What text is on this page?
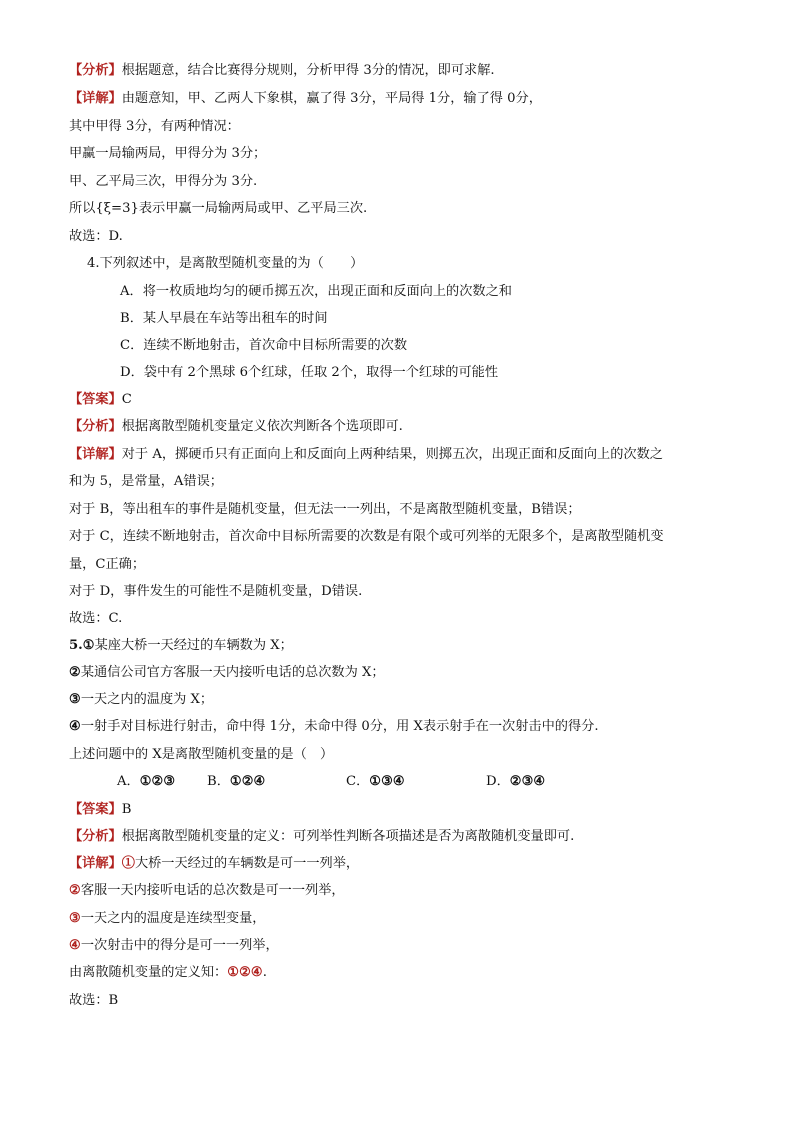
【分析】根据题意，结合比赛得分规则，分析甲得 3分的情况，即可求解.
【详解】由题意知，甲、乙两人下象棋，赢了得 3分，平局得 1分，输了得 0分，
其中甲得 3分，有两种情况：
甲赢一局输两局，甲得分为 3分；
甲、乙平局三次，甲得分为 3分.
所以{ξ=3}表示甲赢一局输两局或甲、乙平局三次.
故选：D.
4.下列叙述中，是离散型随机变量的为（　　）
A．将一枚质地均匀的硬币掷五次，出现正面和反面向上的次数之和
B．某人早晨在车站等出租车的时间
C．连续不断地射击，首次命中目标所需要的次数
D．袋中有 2个黑球 6个红球，任取 2个，取得一个红球的可能性
【答案】C
【分析】根据离散型随机变量定义依次判断各个选项即可.
【详解】对于 A，掷硬币只有正面向上和反面向上两种结果，则掷五次，出现正面和反面向上的次数之
和为 5，是常量，A错误；
对于 B，等出租车的事件是随机变量，但无法一一列出，不是离散型随机变量，B错误；
对于 C，连续不断地射击，首次命中目标所需要的次数是有限个或可列举的无限多个，是离散型随机变
量，C正确；
对于 D，事件发生的可能性不是随机变量，D错误.
故选：C.
5.①某座大桥一天经过的车辆数为 X；
②某通信公司官方客服一天内接听电话的总次数为 X；
③一天之内的温度为 X；
④一射手对目标进行射击，命中得 1分，未命中得 0分，用 X表示射手在一次射击中的得分.
上述问题中的 X是离散型随机变量的是（　）
A．①②③ B．①②④	C．①③④	D．②③④
【答案】B
【分析】根据离散型随机变量的定义：可列举性判断各项描述是否为离散随机变量即可.
【详解】①大桥一天经过的车辆数是可一一列举，
②客服一天内接听电话的总次数是可一一列举，
③一天之内的温度是连续型变量，
④一次射击中的得分是可一一列举，
由离散随机变量的定义知：①②④.
故选：B
